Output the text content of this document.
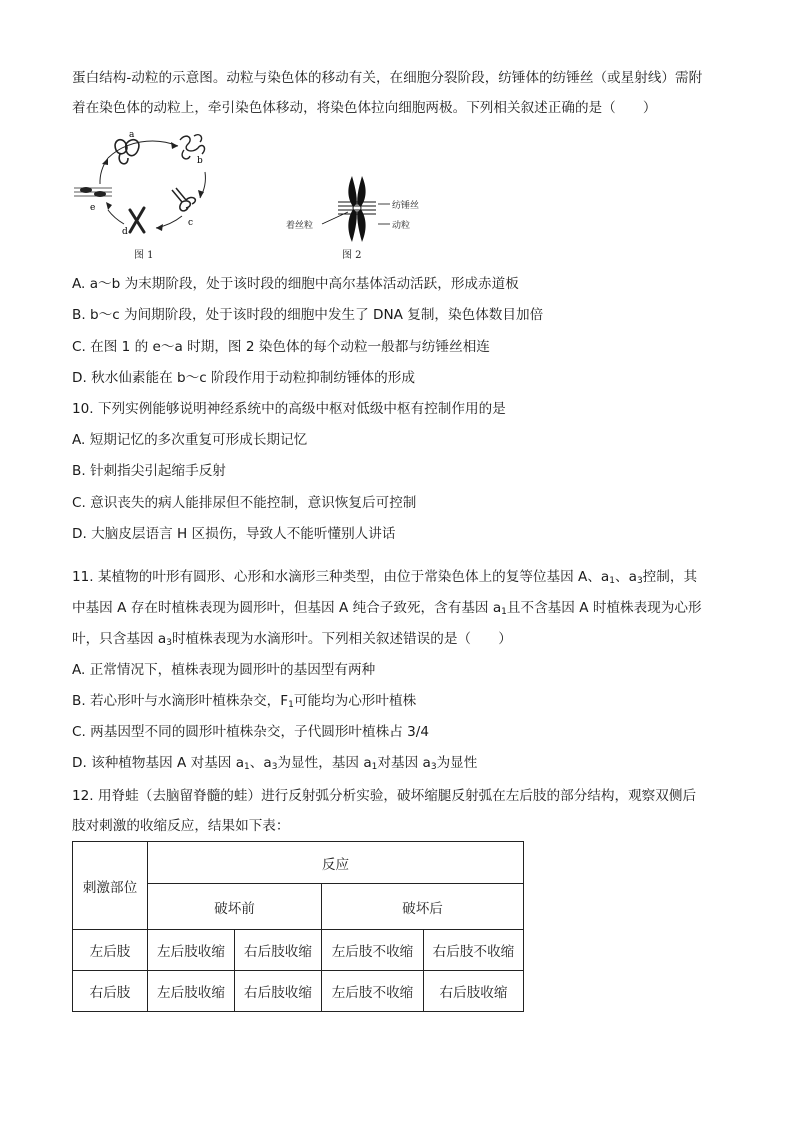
蛋白结构-动粒的示意图。动粒与染色体的移动有关，在细胞分裂阶段，纺锤体的纺锤丝（或星射线）需附
着在染色体的动粒上，牵引染色体移动，将染色体拉向细胞两极。下列相关叙述正确的是（　　）
a
b
c
d
e
图 1
纺锤丝
动粒
着丝粒
图 2
A. a～b 为末期阶段，处于该时段的细胞中高尔基体活动活跃，形成赤道板
B. b～c 为间期阶段，处于该时段的细胞中发生了 DNA 复制，染色体数目加倍
C. 在图 1 的 e～a 时期，图 2 染色体的每个动粒一般都与纺锤丝相连
D. 秋水仙素能在 b～c 阶段作用于动粒抑制纺锤体的形成
10. 下列实例能够说明神经系统中的高级中枢对低级中枢有控制作用的是
A. 短期记忆的多次重复可形成长期记忆
B. 针刺指尖引起缩手反射
C. 意识丧失的病人能排尿但不能控制，意识恢复后可控制
D. 大脑皮层语言 H 区损伤，导致人不能听懂别人讲话
11. 某植物的叶形有圆形、心形和水滴形三种类型，由位于常染色体上的复等位基因 A、$a_1$、$a_3$控制，其
中基因 A 存在时植株表现为圆形叶，但基因 A 纯合子致死，含有基因 $a_1$且不含基因 A 时植株表现为心形
叶，只含基因 $a_3$时植株表现为水滴形叶。下列相关叙述错误的是（　　）
A. 正常情况下，植株表现为圆形叶的基因型有两种
B. 若心形叶与水滴形叶植株杂交，$F_1$可能均为心形叶植株
C. 两基因型不同的圆形叶植株杂交，子代圆形叶植株占 3/4
D. 该种植物基因 A 对基因 $a_1$、$a_3$为显性，基因 $a_1$对基因 $a_3$为显性
12. 用脊蛙（去脑留脊髓的蛙）进行反射弧分析实验，破坏缩腿反射弧在左后肢的部分结构，观察双侧后
肢对刺激的收缩反应，结果如下表：
刺激部位	反应			
	破坏前		破坏后	
左后肢	左后肢收缩	右后肢收缩	左后肢不收缩	右后肢不收缩
右后肢	左后肢收缩	右后肢收缩	左后肢不收缩	右后肢收缩
